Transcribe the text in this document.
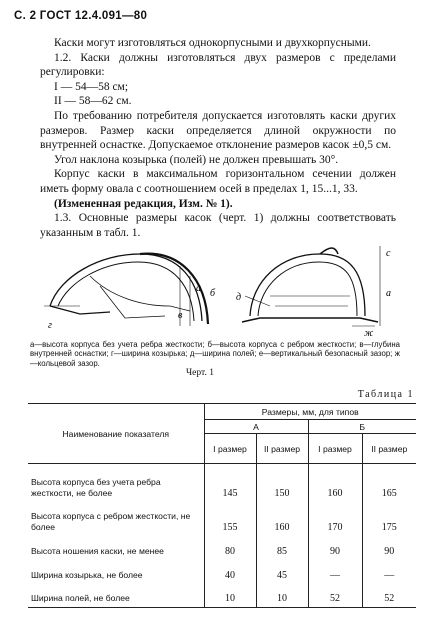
С. 2 ГОСТ 12.4.091—80

Каски могут изготовляться однокорпусными и двухкорпусными.

1.2. Каски должны изготовляться двух размеров с пределами регулировки:

I — 54—58 см;

II — 58—62 см.

По требованию потребителя допускается изготовлять каски других размеров. Размер каски определяется длиной окружности по внутренней оснастке. Допускаемое отклонение размеров касок ±0,5 см.

Угол наклона козырька (полей) не должен превышать 30°.

Корпус каски в максимальном горизонтальном сечении должен иметь форму овала с соотношением осей в пределах 1, 15...1, 33.

(Измененная редакция, Изм. № 1).

1.3. Основные размеры касок (черт. 1) должны соответствовать указанным в табл. 1.

г
в
а б
с
д	а
ж
а—высота корпуса без учета ребра жесткости; б—высота корпуса с ребром жесткости; в—глубина внутренней оснастки; г—ширина козырька; д—ширина полей; е—вертикальный безопасный зазор; ж—кольцевой зазор.
Черт. 1
Таблица 1
Наименование показателя	Размеры, мм, для типов			
	А		Б	
	I размер	II размер	I размер	II размер
Высота корпуса без учета ребра жесткости, не более	145	150	160	165
Высота корпуса с ребром жесткости, не более	155	160	170	175
Высота ношения каски, не менее	80	85	90	90
Ширина козырька, не более	40	45	—	—
Ширина полей, не более	10	10	52	52
